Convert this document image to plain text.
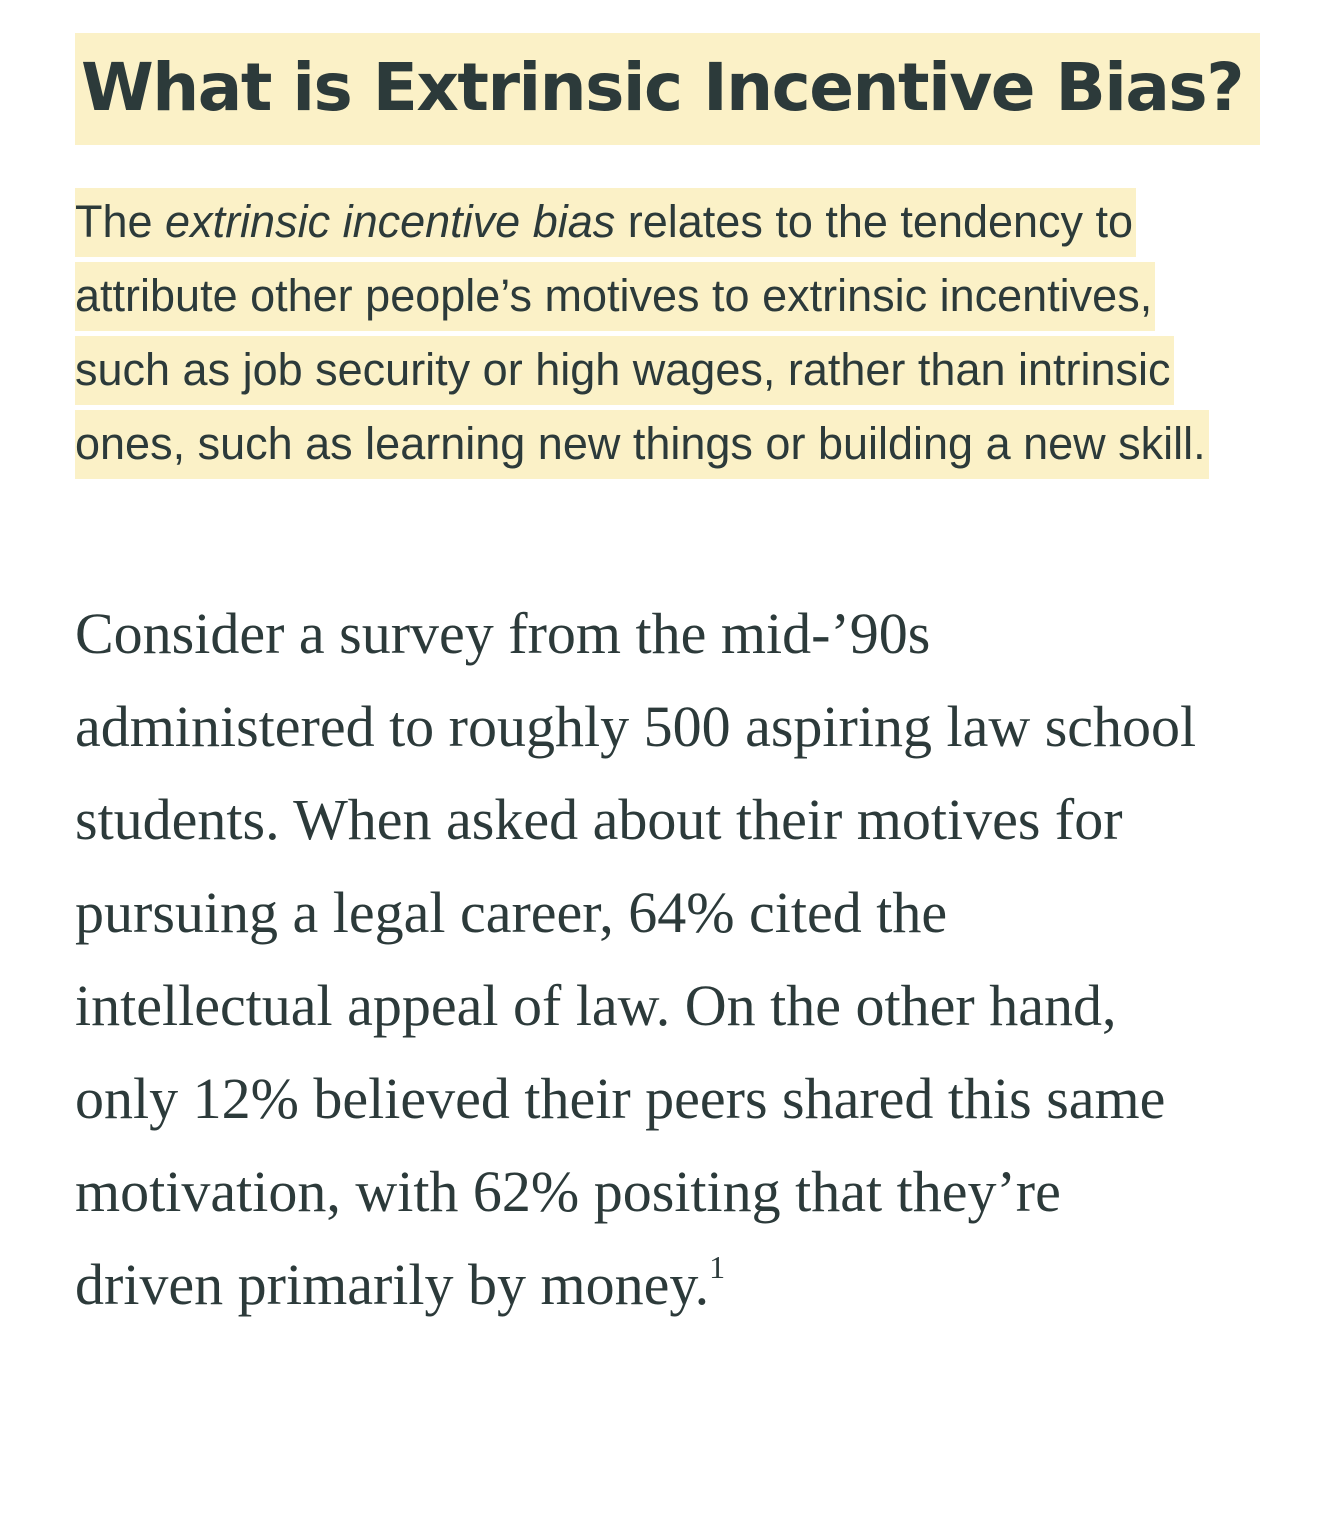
What is Extrinsic Incentive Bias?

The extrinsic incentive bias relates to the tendency to attribute other people’s motives to extrinsic incentives, such as job security or high wages, rather than intrinsic ones, such as learning new things or building a new skill.

Consider a survey from the mid-’90s administered to roughly 500 aspiring law school students. When asked about their motives for pursuing a legal career, 64% cited the intellectual appeal of law. On the other hand, only 12% believed their peers shared this same motivation, with 62% positing that they’re driven primarily by money.$^1$
